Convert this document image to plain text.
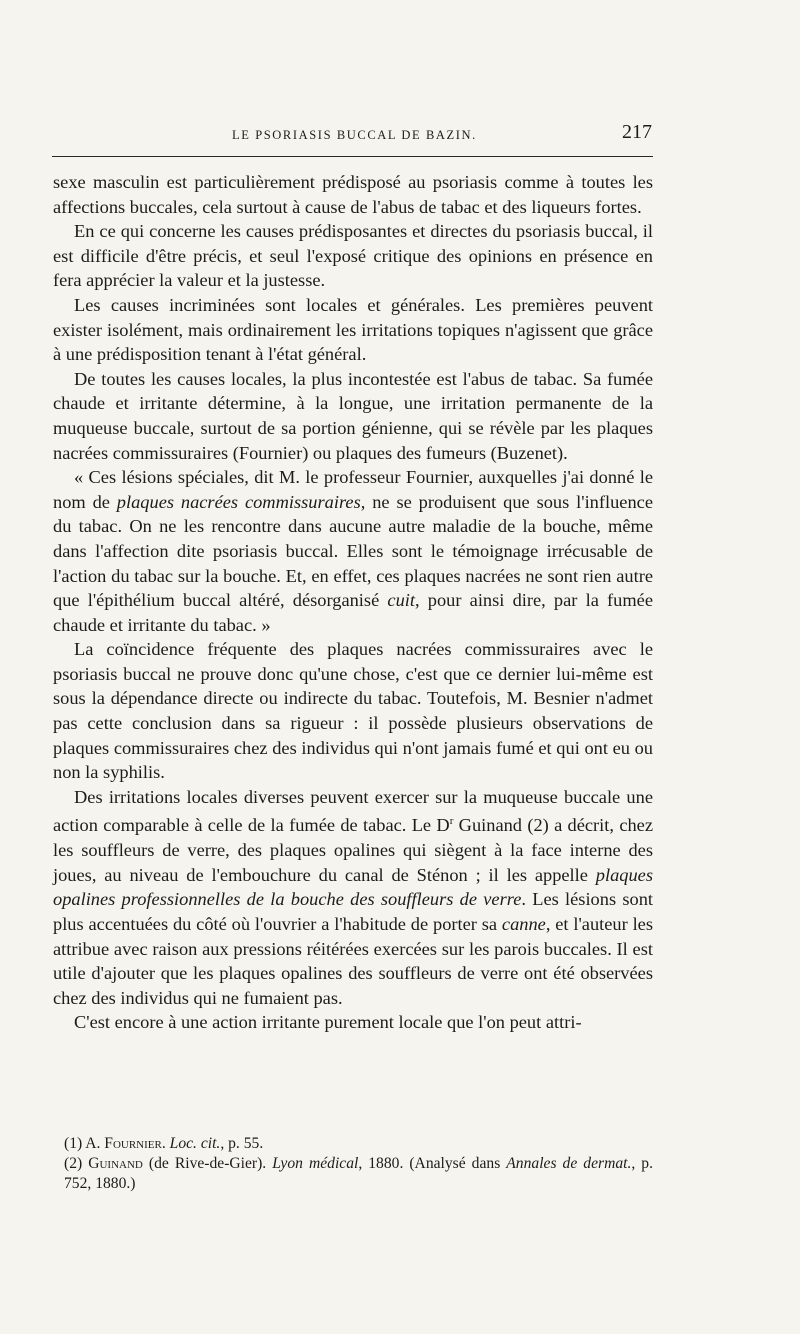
LE PSORIASIS BUCCAL DE BAZIN.	217

sexe masculin est particulièrement prédisposé au psoriasis comme à toutes les affections buccales, cela surtout à cause de l'abus de tabac et des liqueurs fortes.

En ce qui concerne les causes prédisposantes et directes du psoriasis buccal, il est difficile d'être précis, et seul l'exposé critique des opinions en présence en fera apprécier la valeur et la justesse.

Les causes incriminées sont locales et générales. Les premières peuvent exister isolément, mais ordinairement les irritations topiques n'agissent que grâce à une prédisposition tenant à l'état général.

De toutes les causes locales, la plus incontestée est l'abus de tabac. Sa fumée chaude et irritante détermine, à la longue, une irritation permanente de la muqueuse buccale, surtout de sa portion génienne, qui se révèle par les plaques nacrées commissuraires (Fournier) ou plaques des fumeurs (Buzenet).

« Ces lésions spéciales, dit M. le professeur Fournier, auxquelles j'ai donné le nom de plaques nacrées commissuraires, ne se produisent que sous l'influence du tabac. On ne les rencontre dans aucune autre maladie de la bouche, même dans l'affection dite psoriasis buccal. Elles sont le témoignage irrécusable de l'action du tabac sur la bouche. Et, en effet, ces plaques nacrées ne sont rien autre que l'épithélium buccal altéré, désorganisé cuit, pour ainsi dire, par la fumée chaude et irritante du tabac. »

La coïncidence fréquente des plaques nacrées commissuraires avec le psoriasis buccal ne prouve donc qu'une chose, c'est que ce dernier lui-même est sous la dépendance directe ou indirecte du tabac. Toutefois, M. Besnier n'admet pas cette conclusion dans sa rigueur : il possède plusieurs observations de plaques commissuraires chez des individus qui n'ont jamais fumé et qui ont eu ou non la syphilis.

Des irritations locales diverses peuvent exercer sur la muqueuse buccale une action comparable à celle de la fumée de tabac. Le $D^r$ Guinand (2) a décrit, chez les souffleurs de verre, des plaques opalines qui siègent à la face interne des joues, au niveau de l'embouchure du canal de Sténon ; il les appelle plaques opalines professionnelles de la bouche des souffleurs de verre. Les lésions sont plus accentuées du côté où l'ouvrier a l'habitude de porter sa canne, et l'auteur les attribue avec raison aux pressions réitérées exercées sur les parois buccales. Il est utile d'ajouter que les plaques opalines des souffleurs de verre ont été observées chez des individus qui ne fumaient pas.

C'est encore à une action irritante purement locale que l'on peut attri-

(1) A. Fournier. Loc. cit., p. 55.

(2) Guinand (de Rive-de-Gier). Lyon médical, 1880. (Analysé dans Annales de dermat., p. 752, 1880.)
